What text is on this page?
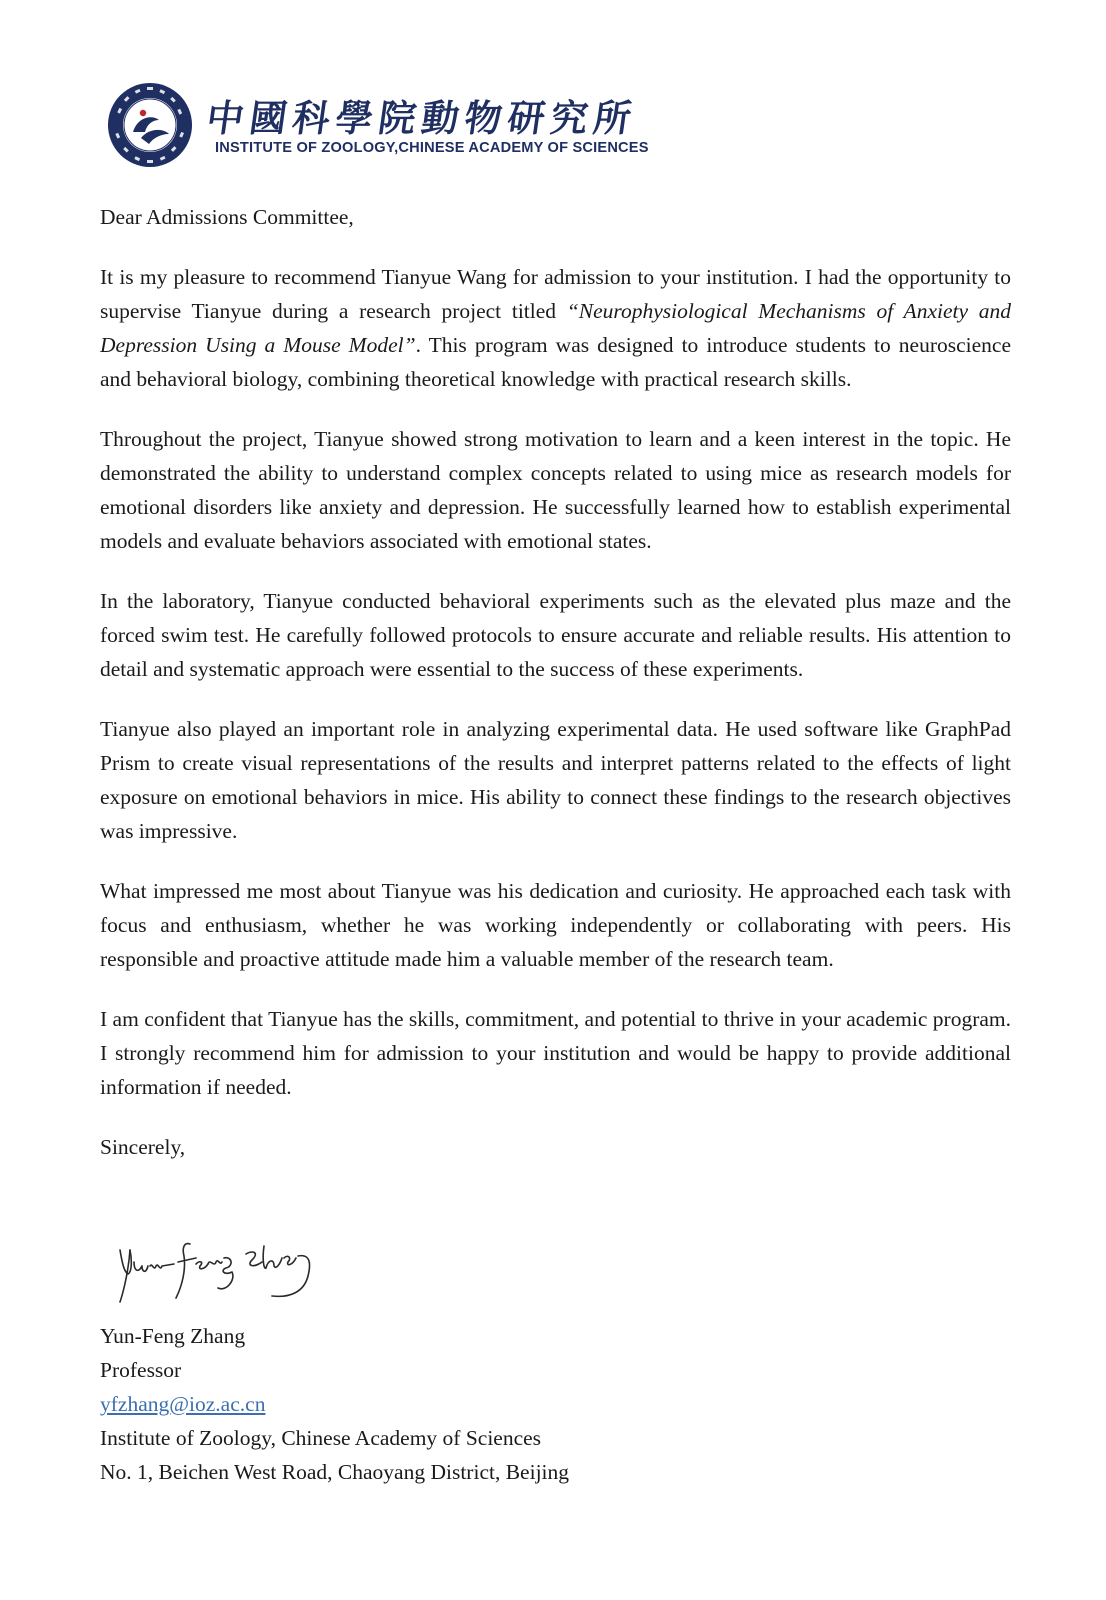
中國科學院動物研究所
INSTITUTE OF ZOOLOGY,CHINESE ACADEMY OF SCIENCES

Dear Admissions Committee,

It is my pleasure to recommend Tianyue Wang for admission to your institution. I had the opportunity to supervise Tianyue during a research project titled “Neurophysiological Mechanisms of Anxiety and Depression Using a Mouse Model”. This program was designed to introduce students to neuroscience and behavioral biology, combining theoretical knowledge with practical research skills.

Throughout the project, Tianyue showed strong motivation to learn and a keen interest in the topic. He demonstrated the ability to understand complex concepts related to using mice as research models for emotional disorders like anxiety and depression. He successfully learned how to establish experimental models and evaluate behaviors associated with emotional states.

In the laboratory, Tianyue conducted behavioral experiments such as the elevated plus maze and the forced swim test. He carefully followed protocols to ensure accurate and reliable results. His attention to detail and systematic approach were essential to the success of these experiments.

Tianyue also played an important role in analyzing experimental data. He used software like GraphPad Prism to create visual representations of the results and interpret patterns related to the effects of light exposure on emotional behaviors in mice. His ability to connect these findings to the research objectives was impressive.

What impressed me most about Tianyue was his dedication and curiosity. He approached each task with focus and enthusiasm, whether he was working independently or collaborating with peers. His responsible and proactive attitude made him a valuable member of the research team.

I am confident that Tianyue has the skills, commitment, and potential to thrive in your academic program. I strongly recommend him for admission to your institution and would be happy to provide additional information if needed.

Sincerely,

Yun-Feng Zhang
Professor
yfzhang@ioz.ac.cn
Institute of Zoology, Chinese Academy of Sciences
No. 1, Beichen West Road, Chaoyang District, Beijing
